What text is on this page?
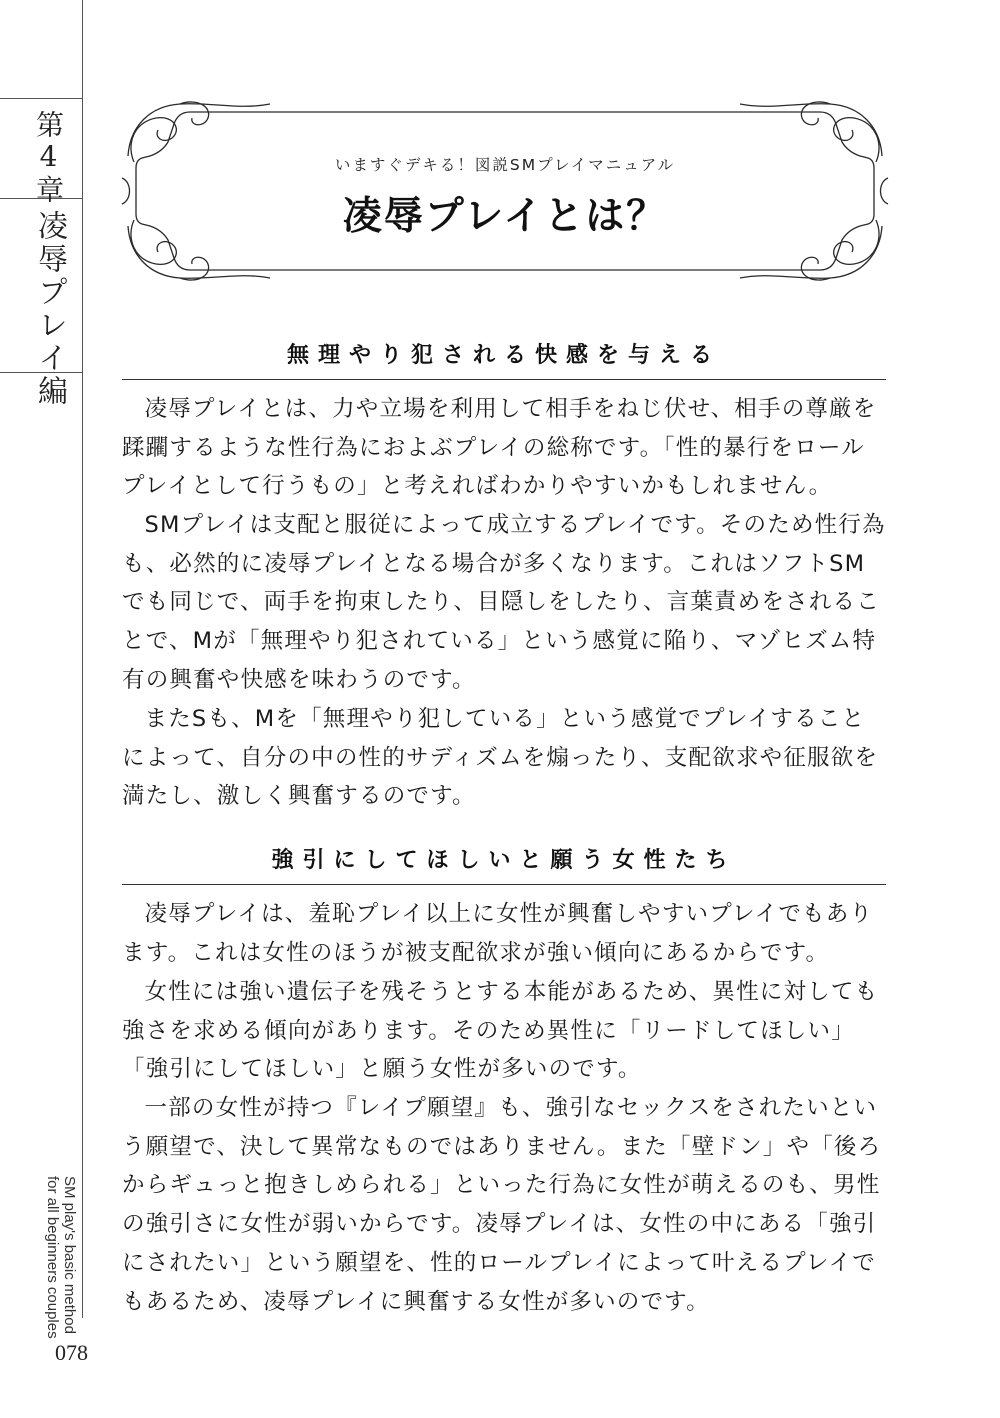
第4章
凌辱プレイ編
SM play's basic method
for all beginners couples
078
いますぐデキる！図説SMプレイマニュアル
凌辱プレイとは？
無理やり犯される快感を与える

凌辱プレイとは、力や立場を利用して相手をねじ伏せ、相手の尊厳を蹂躙するような性行為におよぶプレイの総称です。「性的暴行をロールプレイとして行うもの」と考えればわかりやすいかもしれません。

SMプレイは支配と服従によって成立するプレイです。そのため性行為も、必然的に凌辱プレイとなる場合が多くなります。これはソフトSMでも同じで、両手を拘束したり、目隠しをしたり、言葉責めをされることで、Mが「無理やり犯されている」という感覚に陥り、マゾヒズム特有の興奮や快感を味わうのです。

またSも、Mを「無理やり犯している」という感覚でプレイすることによって、自分の中の性的サディズムを煽ったり、支配欲求や征服欲を満たし、激しく興奮するのです。

強引にしてほしいと願う女性たち

凌辱プレイは、羞恥プレイ以上に女性が興奮しやすいプレイでもあります。これは女性のほうが被支配欲求が強い傾向にあるからです。

女性には強い遺伝子を残そうとする本能があるため、異性に対しても強さを求める傾向があります。そのため異性に「リードしてほしい」「強引にしてほしい」と願う女性が多いのです。

一部の女性が持つ『レイプ願望』も、強引なセックスをされたいという願望で、決して異常なものではありません。また「壁ドン」や「後ろからギュっと抱きしめられる」といった行為に女性が萌えるのも、男性の強引さに女性が弱いからです。凌辱プレイは、女性の中にある「強引にされたい」という願望を、性的ロールプレイによって叶えるプレイでもあるため、凌辱プレイに興奮する女性が多いのです。
